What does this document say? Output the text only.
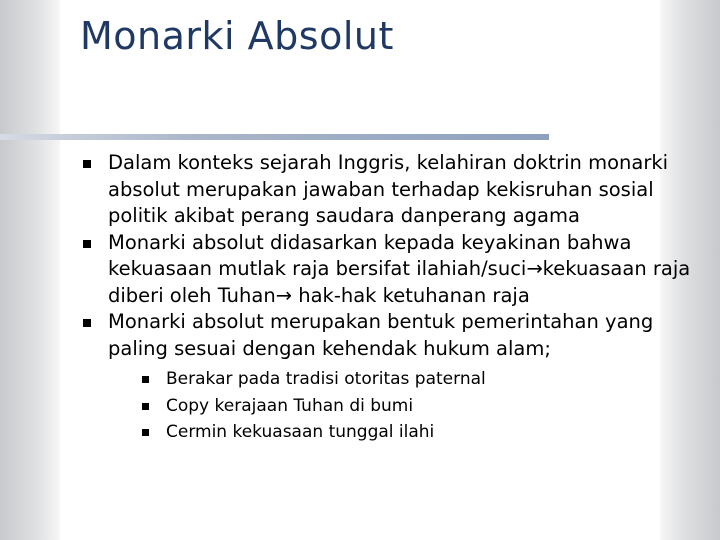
Monarki Absolut
Dalam konteks sejarah Inggris, kelahiran doktrin monarki absolut merupakan jawaban terhadap kekisruhan sosial politik akibat perang saudara danperang agama
Monarki absolut didasarkan kepada keyakinan bahwa kekuasaan mutlak raja bersifat ilahiah/suci→kekuasaan raja diberi oleh Tuhan→ hak-hak ketuhanan raja
Monarki absolut merupakan bentuk pemerintahan yang paling sesuai dengan kehendak hukum alam;
Berakar pada tradisi otoritas paternal
Copy kerajaan Tuhan di bumi
Cermin kekuasaan tunggal ilahi
